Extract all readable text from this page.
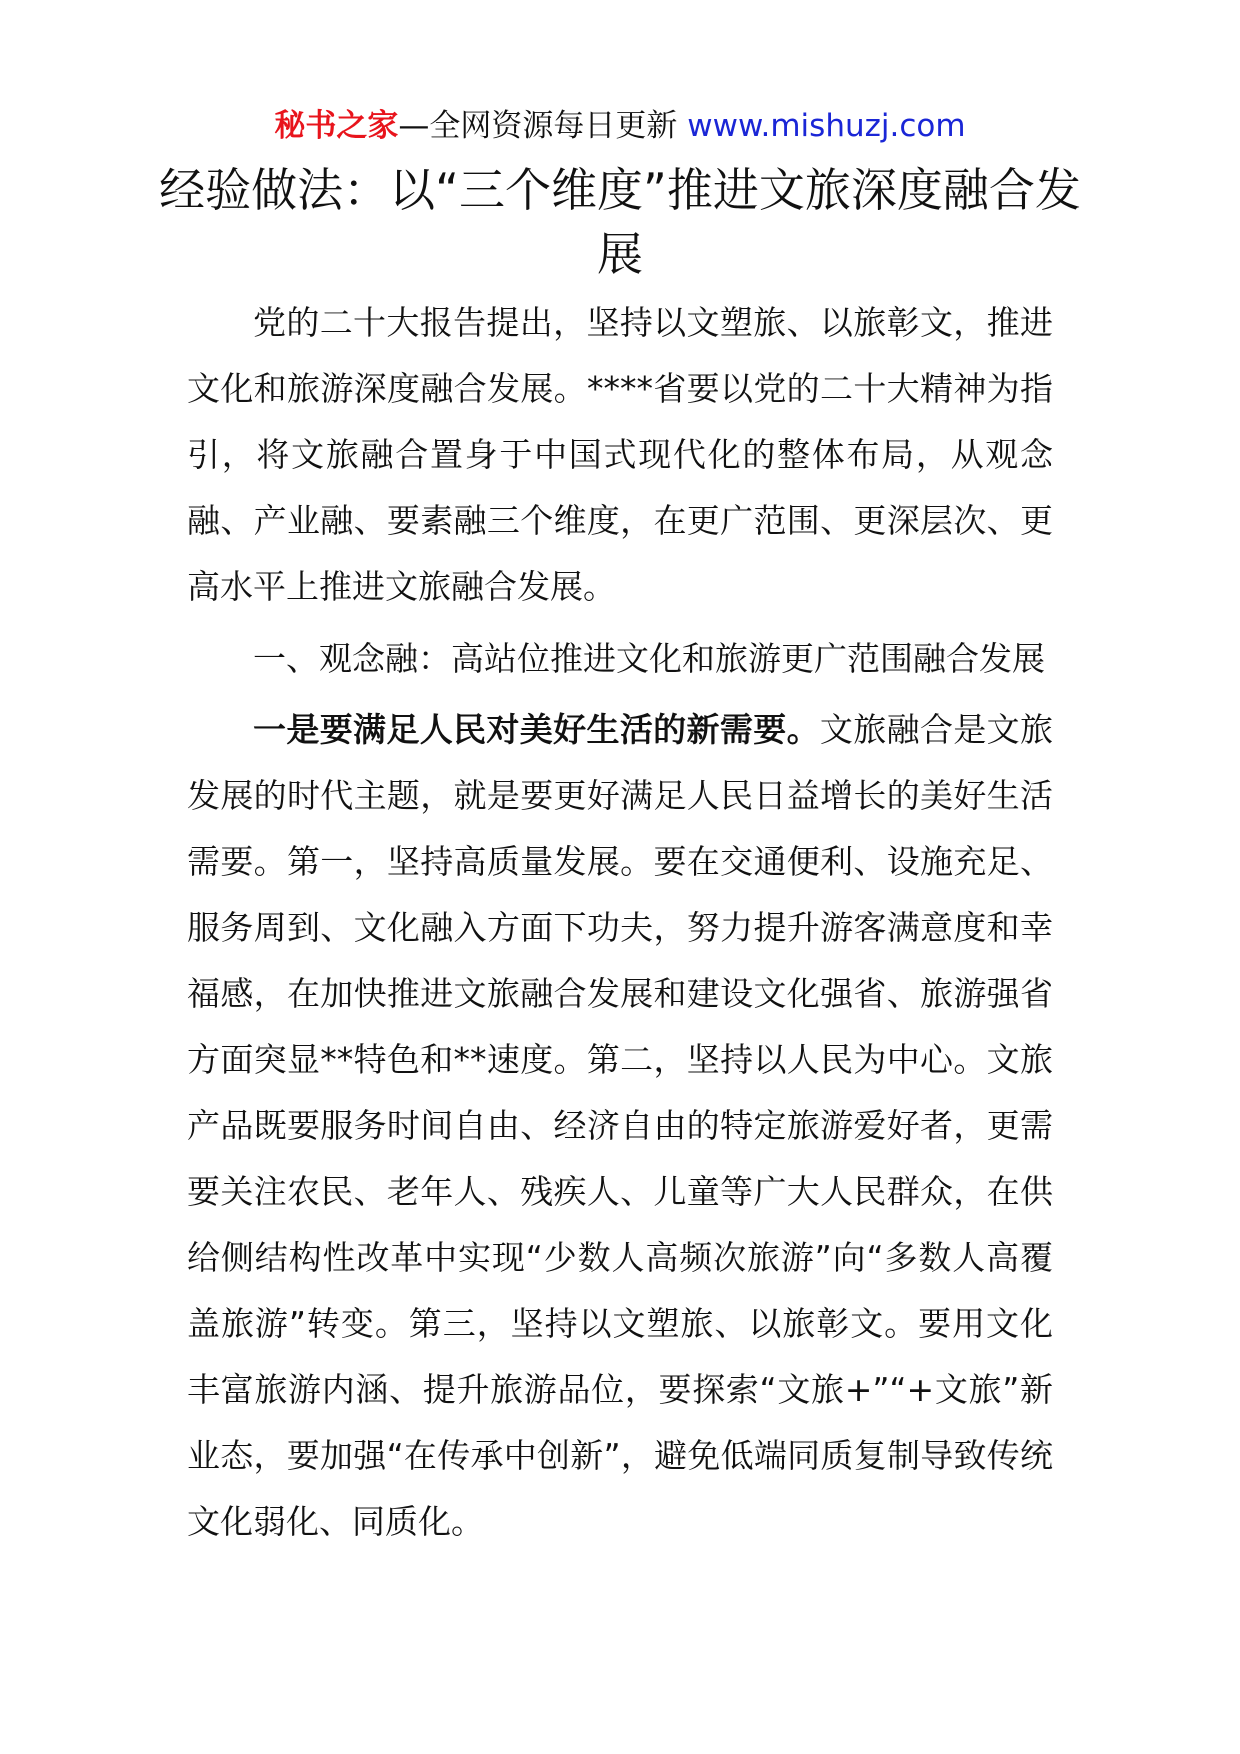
秘书之家—全网资源每日更新 www.mishuzj.com
经验做法：以“三个维度”推进文旅深度融合发展

党的二十大报告提出，坚持以文塑旅、以旅彰文，推进文化和旅游深度融合发展。****省要以党的二十大精神为指引，将文旅融合置身于中国式现代化的整体布局，从观念融、产业融、要素融三个维度，在更广范围、更深层次、更高水平上推进文旅融合发展。

一、观念融：高站位推进文化和旅游更广范围融合发展

一是要满足人民对美好生活的新需要。文旅融合是文旅发展的时代主题，就是要更好满足人民日益增长的美好生活需要。第一，坚持高质量发展。要在交通便利、设施充足、服务周到、文化融入方面下功夫，努力提升游客满意度和幸福感，在加快推进文旅融合发展和建设文化强省、旅游强省方面突显**特色和**速度。第二，坚持以人民为中心。文旅产品既要服务时间自由、经济自由的特定旅游爱好者，更需要关注农民、老年人、残疾人、儿童等广大人民群众，在供给侧结构性改革中实现“少数人高频次旅游”向“多数人高覆盖旅游”转变。第三，坚持以文塑旅、以旅彰文。要用文化丰富旅游内涵、提升旅游品位，要探索“文旅+”“+文旅”新业态，要加强“在传承中创新”，避免低端同质复制导致传统文化弱化、同质化。
